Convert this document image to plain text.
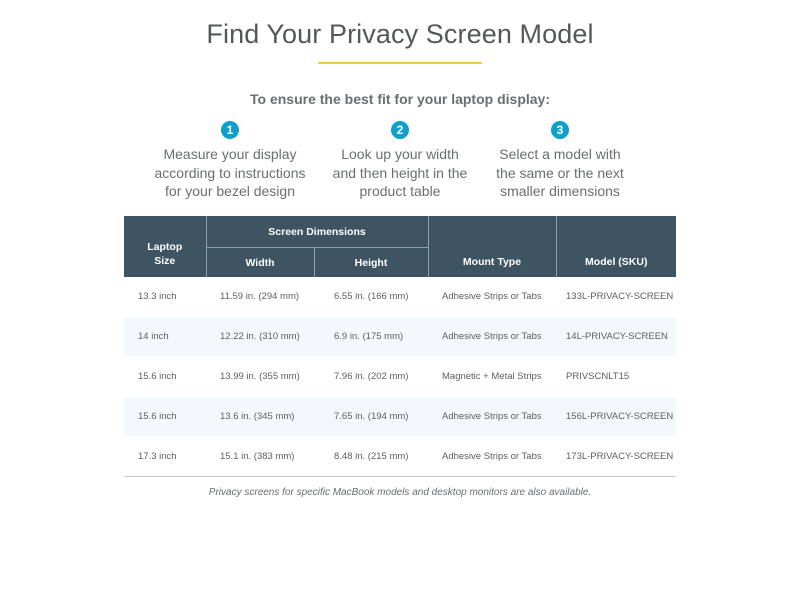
Find Your Privacy Screen Model
To ensure the best fit for your laptop display:
1
Measure your display
according to instructions
for your bezel design
2
Look up your width
and then height in the
product table
3
Select a model with
the same or the next
smaller dimensions
Laptop
Size	Screen Dimensions		Mount Type	Model (SKU)
	Width	Height		
13.3 inch	11.59 in. (294 mm)	6.55 in. (166 mm)	Adhesive Strips or Tabs	133L-PRIVACY-SCREEN
14 inch	12.22 in. (310 mm)	6.9 in. (175 mm)	Adhesive Strips or Tabs	14L-PRIVACY-SCREEN
15.6 inch	13.99 in. (355 mm)	7.96 in. (202 mm)	Magnetic + Metal Strips	PRIVSCNLT15
15.6 inch	13.6 in. (345 mm)	7.65 in. (194 mm)	Adhesive Strips or Tabs	156L-PRIVACY-SCREEN
17.3 inch	15.1 in. (383 mm)	8.48 in. (215 mm)	Adhesive Strips or Tabs	173L-PRIVACY-SCREEN
Privacy screens for specific MacBook models and desktop monitors are also available.
